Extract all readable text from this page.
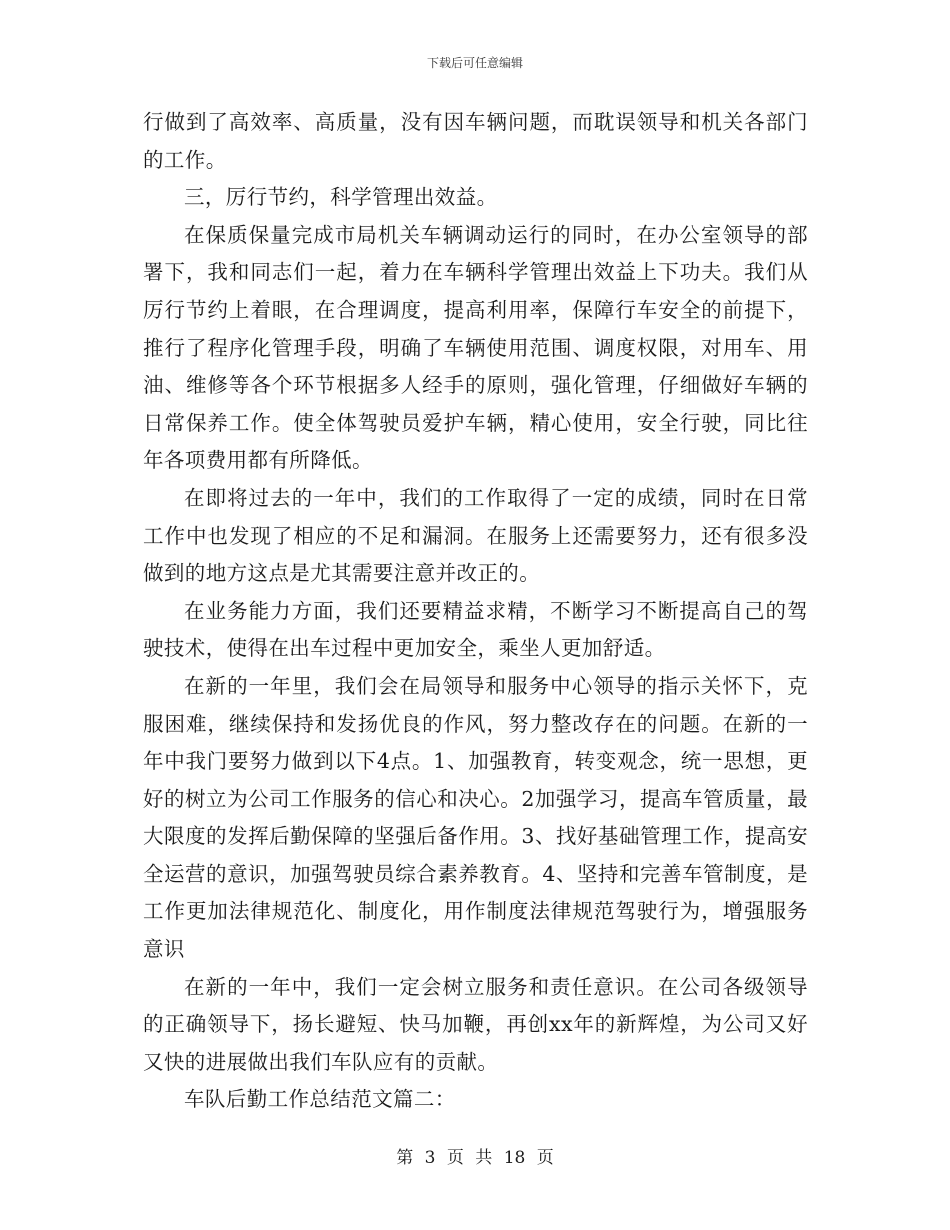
下载后可任意编辑

行做到了高效率、高质量，没有因车辆问题，而耽误领导和机关各部门的工作。

三，厉行节约，科学管理出效益。

在保质保量完成市局机关车辆调动运行的同时，在办公室领导的部署下，我和同志们一起，着力在车辆科学管理出效益上下功夫。我们从厉行节约上着眼，在合理调度，提高利用率，保障行车安全的前提下，推行了程序化管理手段，明确了车辆使用范围、调度权限，对用车、用油、维修等各个环节根据多人经手的原则，强化管理，仔细做好车辆的日常保养工作。使全体驾驶员爱护车辆，精心使用，安全行驶，同比往年各项费用都有所降低。

在即将过去的一年中，我们的工作取得了一定的成绩，同时在日常工作中也发现了相应的不足和漏洞。在服务上还需要努力，还有很多没做到的地方这点是尤其需要注意并改正的。

在业务能力方面，我们还要精益求精，不断学习不断提高自己的驾驶技术，使得在出车过程中更加安全，乘坐人更加舒适。

在新的一年里，我们会在局领导和服务中心领导的指示关怀下，克服困难，继续保持和发扬优良的作风，努力整改存在的问题。在新的一年中我门要努力做到以下4点。1、加强教育，转变观念，统一思想，更好的树立为公司工作服务的信心和决心。2加强学习，提高车管质量，最大限度的发挥后勤保障的坚强后备作用。3、找好基础管理工作，提高安全运营的意识，加强驾驶员综合素养教育。4、坚持和完善车管制度，是工作更加法律规范化、制度化，用作制度法律规范驾驶行为，增强服务意识

在新的一年中，我们一定会树立服务和责任意识。在公司各级领导的正确领导下，扬长避短、快马加鞭，再创xx年的新辉煌，为公司又好又快的进展做出我们车队应有的贡献。

车队后勤工作总结范文篇二：

第 3 页 共 18 页
